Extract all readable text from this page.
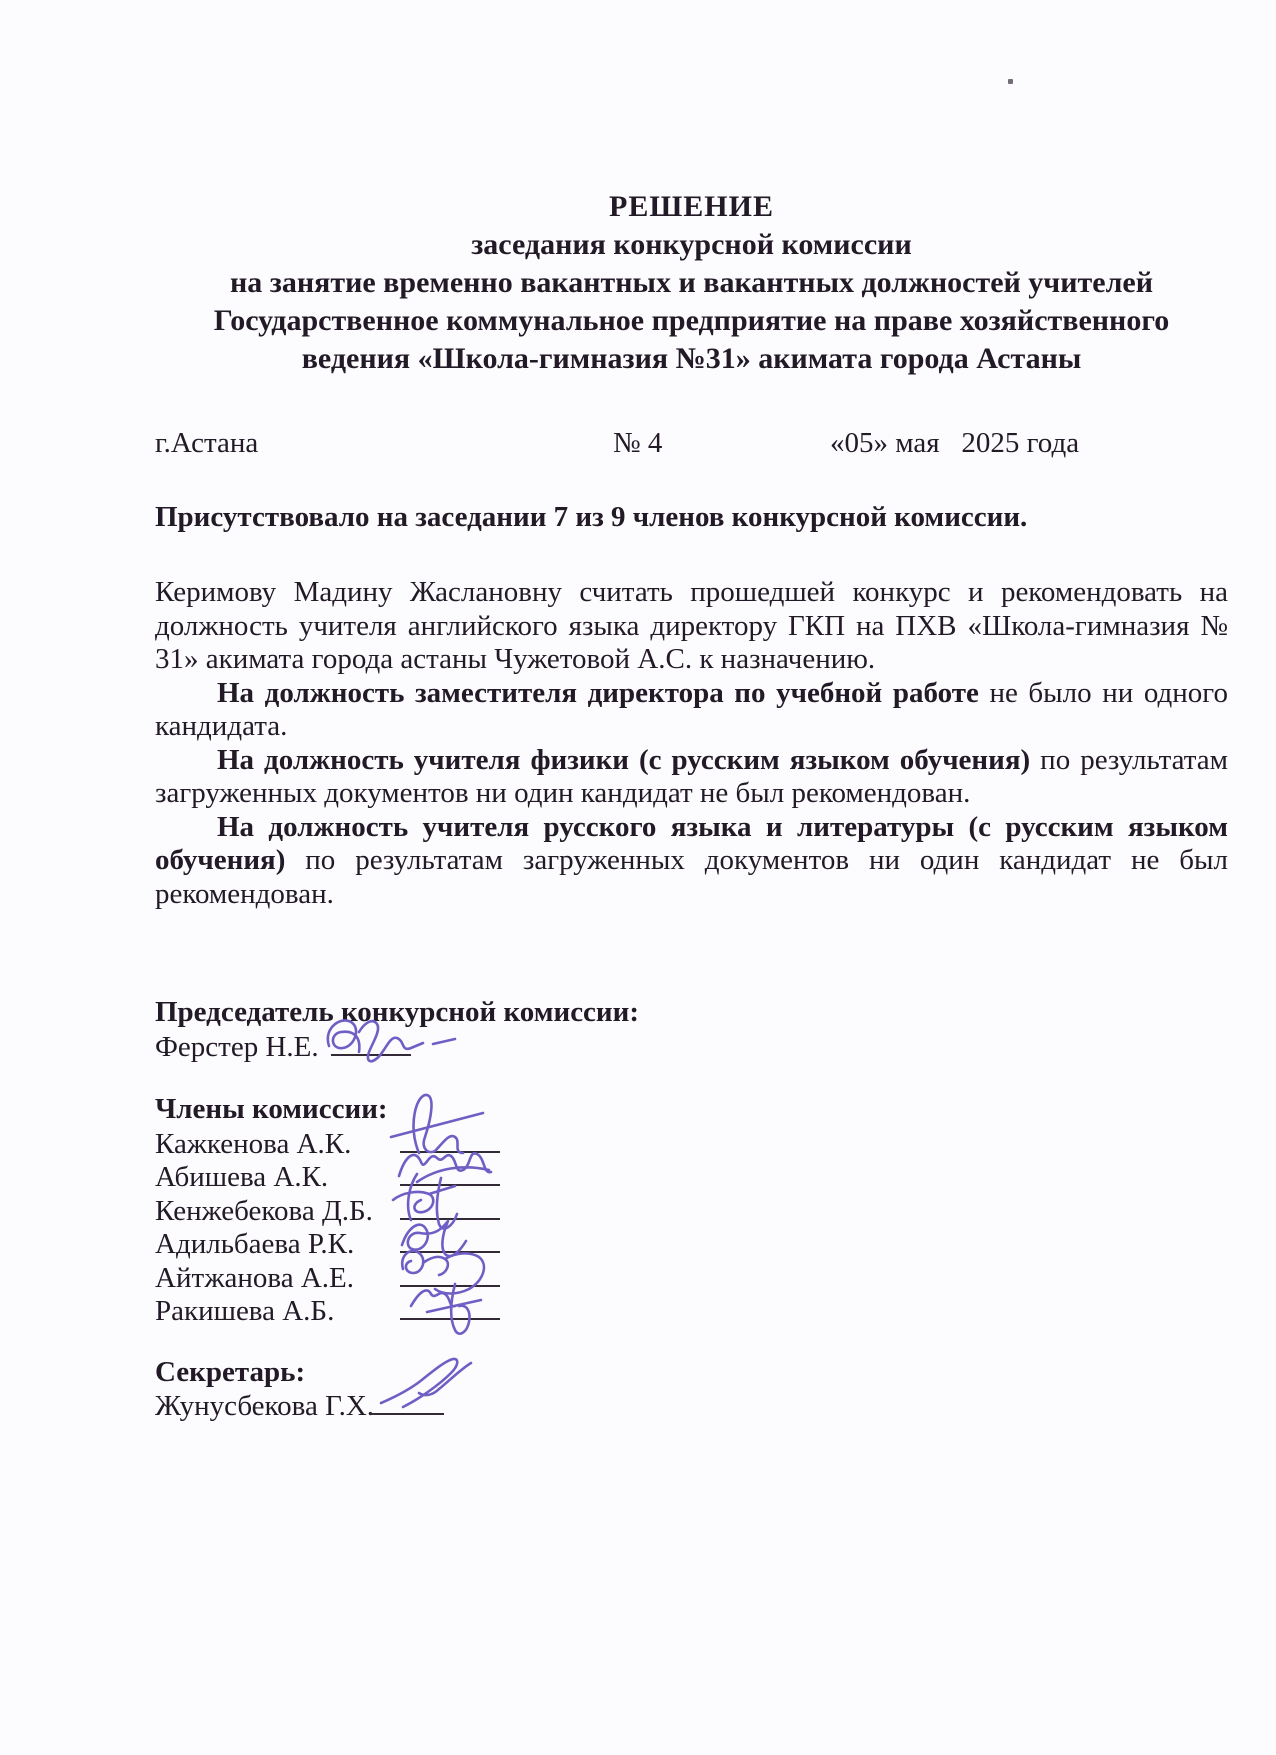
РЕШЕНИЕ
заседания конкурсной комиссии
на занятие временно вакантных и вакантных должностей учителей
Государственное коммунальное предприятие на праве хозяйственного
ведения «Школа-гимназия №31» акимата города Астаны
г.Астана	№ 4	«05» мая   2025 года
Присутствовало на заседании 7 из 9 членов конкурсной комиссии.

Керимову Мадину Жаслановну считать прошедшей конкурс и рекомендовать на должность учителя английского языка директору ГКП на ПХВ «Школа-гимназия № 31» акимата города астаны Чужетовой А.С. к назначению.

На должность заместителя директора по учебной работе не было ни одного кандидата.

На должность учителя физики (с русским языком обучения) по результатам загруженных документов ни один кандидат не был рекомендован.

На должность учителя русского языка и литературы (с русским языком обучения) по результатам загруженных документов ни один кандидат не был рекомендован.

Председатель конкурсной комиссии:
Ферстер Н.Е.
Члены комиссии:
Кажкенова А.К.
Абишева А.К.
Кенжебекова Д.Б.
Адильбаева Р.К.
Айтжанова А.Е.
Ракишева А.Б.
Секретарь:
Жунусбекова Г.Х.
